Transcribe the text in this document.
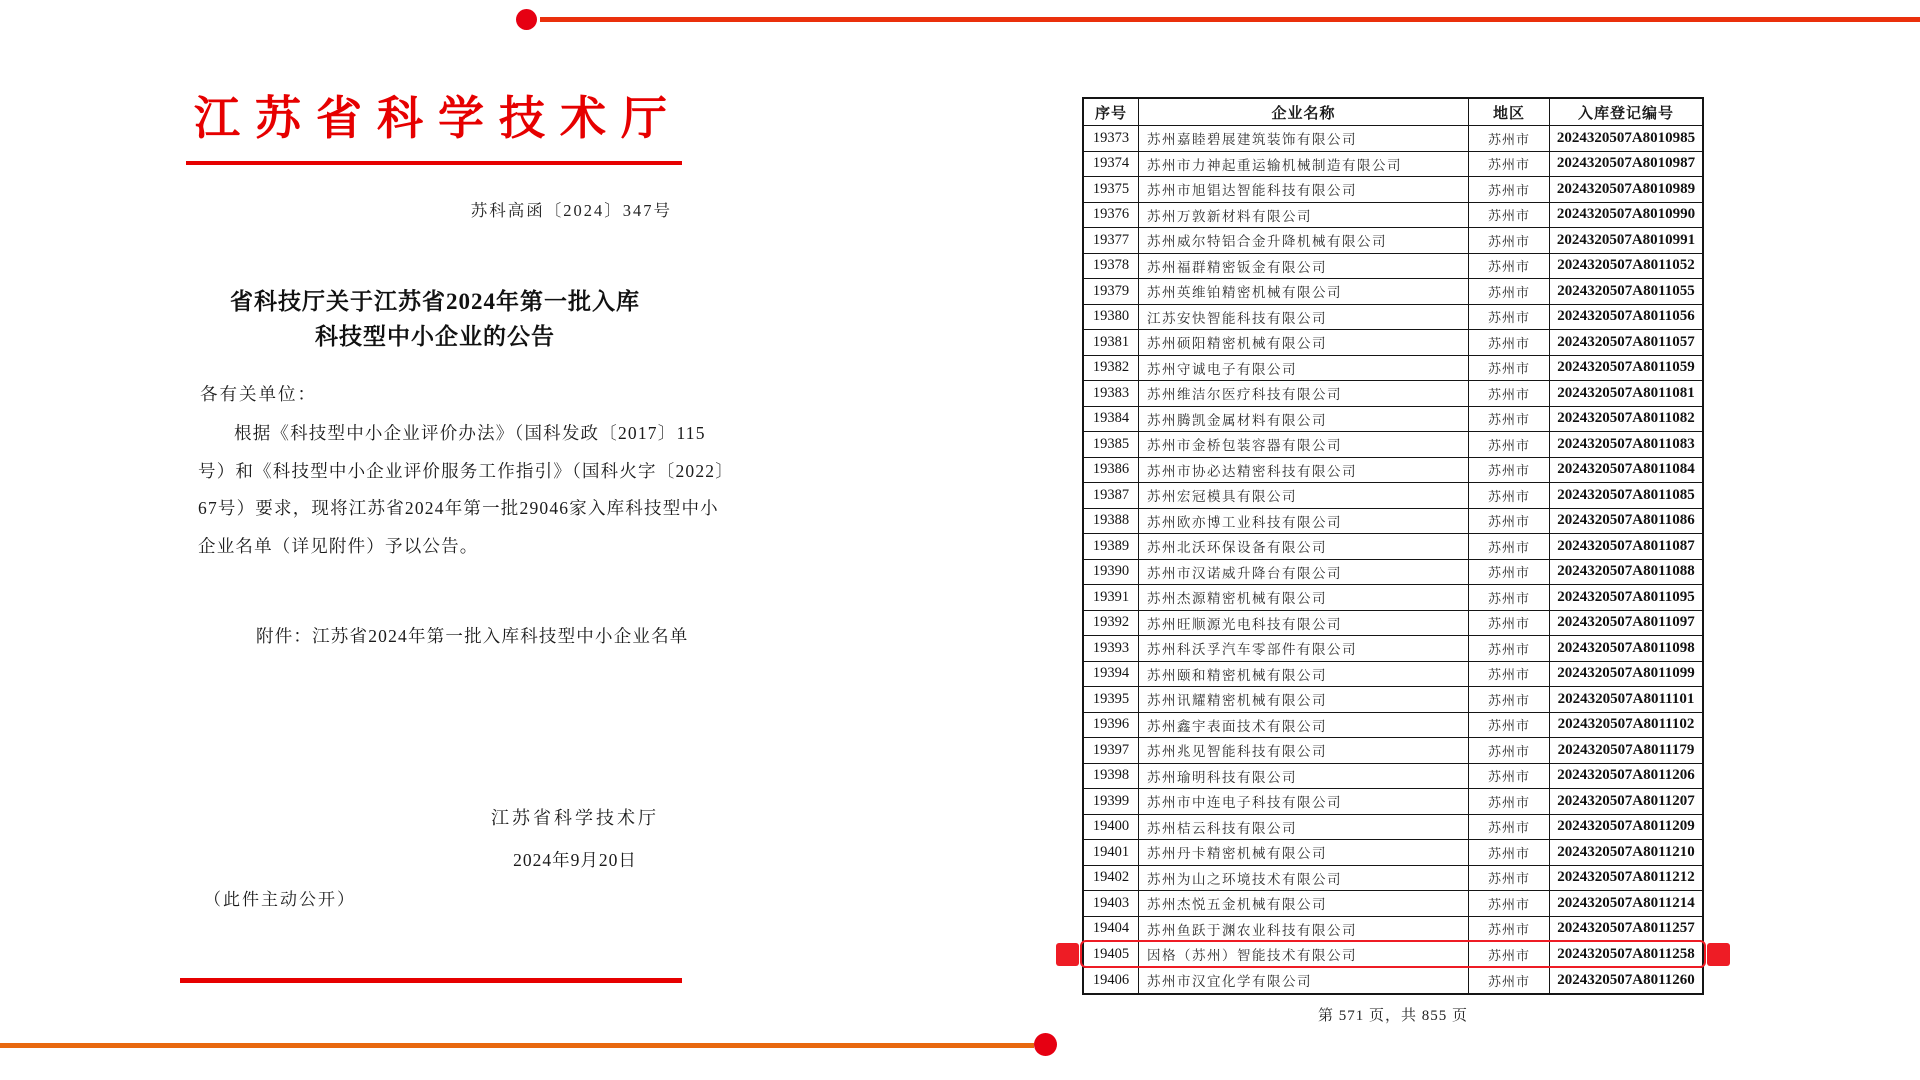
江苏省科学技术厅
苏科高函〔2024〕347号
省科技厅关于江苏省2024年第一批入库
科技型中小企业的公告
各有关单位：
根据《科技型中小企业评价办法》（国科发政〔2017〕115
号）和《科技型中小企业评价服务工作指引》（国科火字〔2022〕
67号）要求，现将江苏省2024年第一批29046家入库科技型中小
企业名单（详见附件）予以公告。
附件：江苏省2024年第一批入库科技型中小企业名单
江苏省科学技术厅
2024年9月20日
（此件主动公开）
序号	企业名称	地区	入库登记编号
19373	苏州嘉睦碧展建筑装饰有限公司	苏州市	2024320507A8010985
19374	苏州市力神起重运输机械制造有限公司	苏州市	2024320507A8010987
19375	苏州市旭锠达智能科技有限公司	苏州市	2024320507A8010989
19376	苏州万敦新材料有限公司	苏州市	2024320507A8010990
19377	苏州威尔特铝合金升降机械有限公司	苏州市	2024320507A8010991
19378	苏州福群精密钣金有限公司	苏州市	2024320507A8011052
19379	苏州英维铂精密机械有限公司	苏州市	2024320507A8011055
19380	江苏安快智能科技有限公司	苏州市	2024320507A8011056
19381	苏州硕阳精密机械有限公司	苏州市	2024320507A8011057
19382	苏州守诚电子有限公司	苏州市	2024320507A8011059
19383	苏州维洁尔医疗科技有限公司	苏州市	2024320507A8011081
19384	苏州腾凯金属材料有限公司	苏州市	2024320507A8011082
19385	苏州市金桥包装容器有限公司	苏州市	2024320507A8011083
19386	苏州市协必达精密科技有限公司	苏州市	2024320507A8011084
19387	苏州宏冠模具有限公司	苏州市	2024320507A8011085
19388	苏州欧亦博工业科技有限公司	苏州市	2024320507A8011086
19389	苏州北沃环保设备有限公司	苏州市	2024320507A8011087
19390	苏州市汉诺威升降台有限公司	苏州市	2024320507A8011088
19391	苏州杰源精密机械有限公司	苏州市	2024320507A8011095
19392	苏州旺顺源光电科技有限公司	苏州市	2024320507A8011097
19393	苏州科沃孚汽车零部件有限公司	苏州市	2024320507A8011098
19394	苏州颐和精密机械有限公司	苏州市	2024320507A8011099
19395	苏州讯耀精密机械有限公司	苏州市	2024320507A8011101
19396	苏州鑫宇表面技术有限公司	苏州市	2024320507A8011102
19397	苏州兆见智能科技有限公司	苏州市	2024320507A8011179
19398	苏州瑜明科技有限公司	苏州市	2024320507A8011206
19399	苏州市中连电子科技有限公司	苏州市	2024320507A8011207
19400	苏州桔云科技有限公司	苏州市	2024320507A8011209
19401	苏州丹卡精密机械有限公司	苏州市	2024320507A8011210
19402	苏州为山之环境技术有限公司	苏州市	2024320507A8011212
19403	苏州杰悦五金机械有限公司	苏州市	2024320507A8011214
19404	苏州鱼跃于渊农业科技有限公司	苏州市	2024320507A8011257
19405	因格（苏州）智能技术有限公司	苏州市	2024320507A8011258
19406	苏州市汉宜化学有限公司	苏州市	2024320507A8011260
第 571 页，共 855 页
